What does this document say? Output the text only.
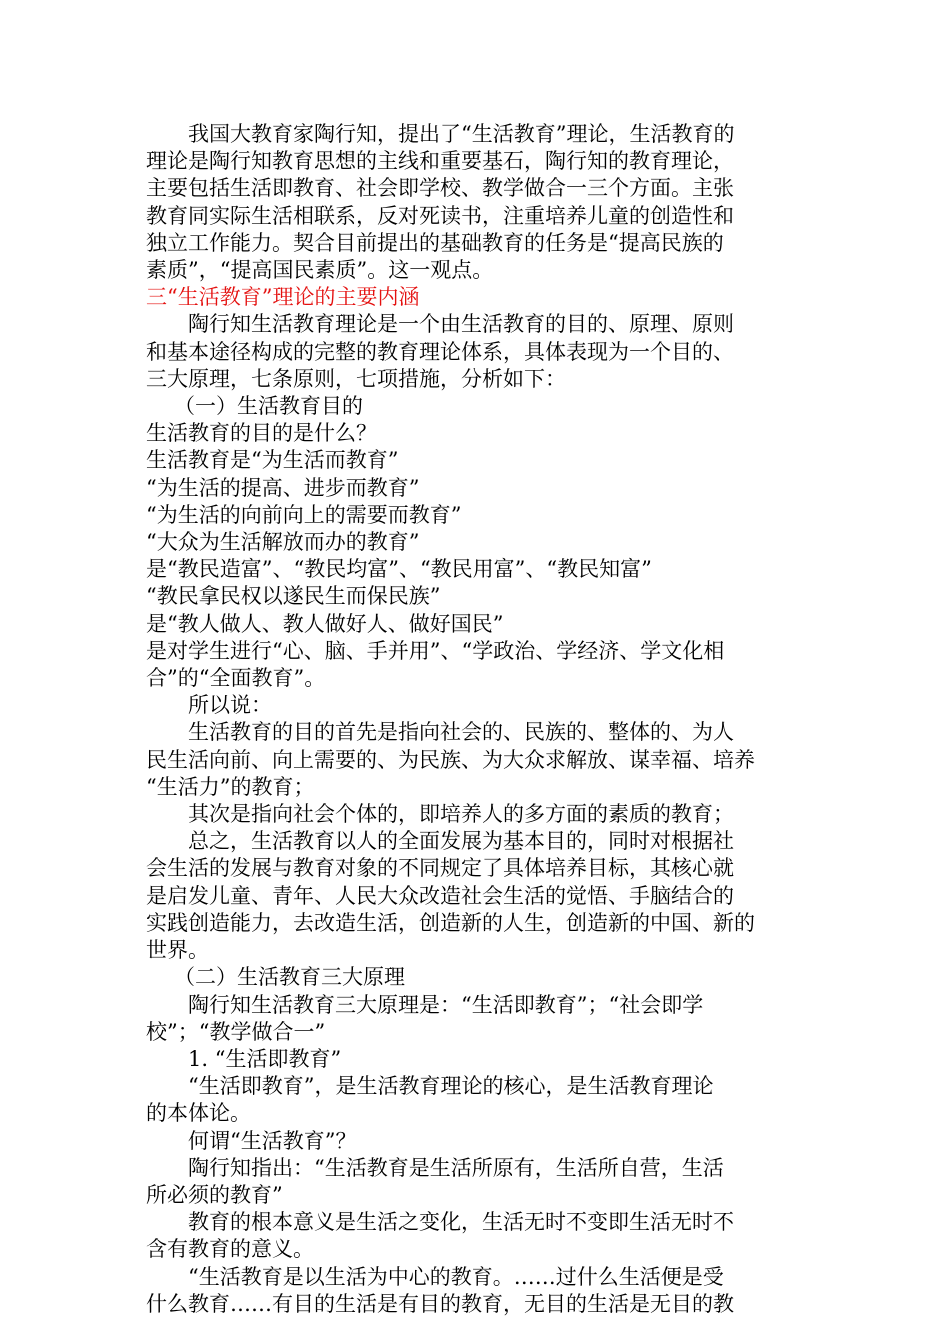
我国大教育家陶行知，提出了“生活教育”理论，生活教育的
理论是陶行知教育思想的主线和重要基石，陶行知的教育理论，
主要包括生活即教育、社会即学校、教学做合一三个方面。主张
教育同实际生活相联系，反对死读书，注重培养儿童的创造性和
独立工作能力。契合目前提出的基础教育的任务是“提高民族的
素质”，“提高国民素质”。这一观点。
三“生活教育”理论的主要内涵
陶行知生活教育理论是一个由生活教育的目的、原理、原则
和基本途径构成的完整的教育理论体系，具体表现为一个目的、
三大原理，七条原则，七项措施，分析如下：
（一）生活教育目的
生活教育的目的是什么？
生活教育是“为生活而教育”
“为生活的提高、进步而教育”
“为生活的向前向上的需要而教育”
“大众为生活解放而办的教育”
是“教民造富”、“教民均富”、“教民用富”、“教民知富”
“教民拿民权以遂民生而保民族”
是“教人做人、教人做好人、做好国民”
是对学生进行“心、脑、手并用”、“学政治、学经济、学文化相
合”的“全面教育”。
所以说：
生活教育的目的首先是指向社会的、民族的、整体的、为人
民生活向前、向上需要的、为民族、为大众求解放、谋幸福、培养
“生活力”的教育；
其次是指向社会个体的，即培养人的多方面的素质的教育；
总之，生活教育以人的全面发展为基本目的，同时对根据社
会生活的发展与教育对象的不同规定了具体培养目标，其核心就
是启发儿童、青年、人民大众改造社会生活的觉悟、手脑结合的
实践创造能力，去改造生活，创造新的人生，创造新的中国、新的
世界。
（二）生活教育三大原理
陶行知生活教育三大原理是：“生活即教育”；“社会即学
校”；“教学做合一”
1. “生活即教育”
“生活即教育”，是生活教育理论的核心，是生活教育理论
的本体论。
何谓“生活教育”？
陶行知指出：“生活教育是生活所原有，生活所自营，生活
所必须的教育”
教育的根本意义是生活之变化，生活无时不变即生活无时不
含有教育的意义。
“生活教育是以生活为中心的教育。……过什么生活便是受
什么教育……有目的生活是有目的教育，无目的生活是无目的教
